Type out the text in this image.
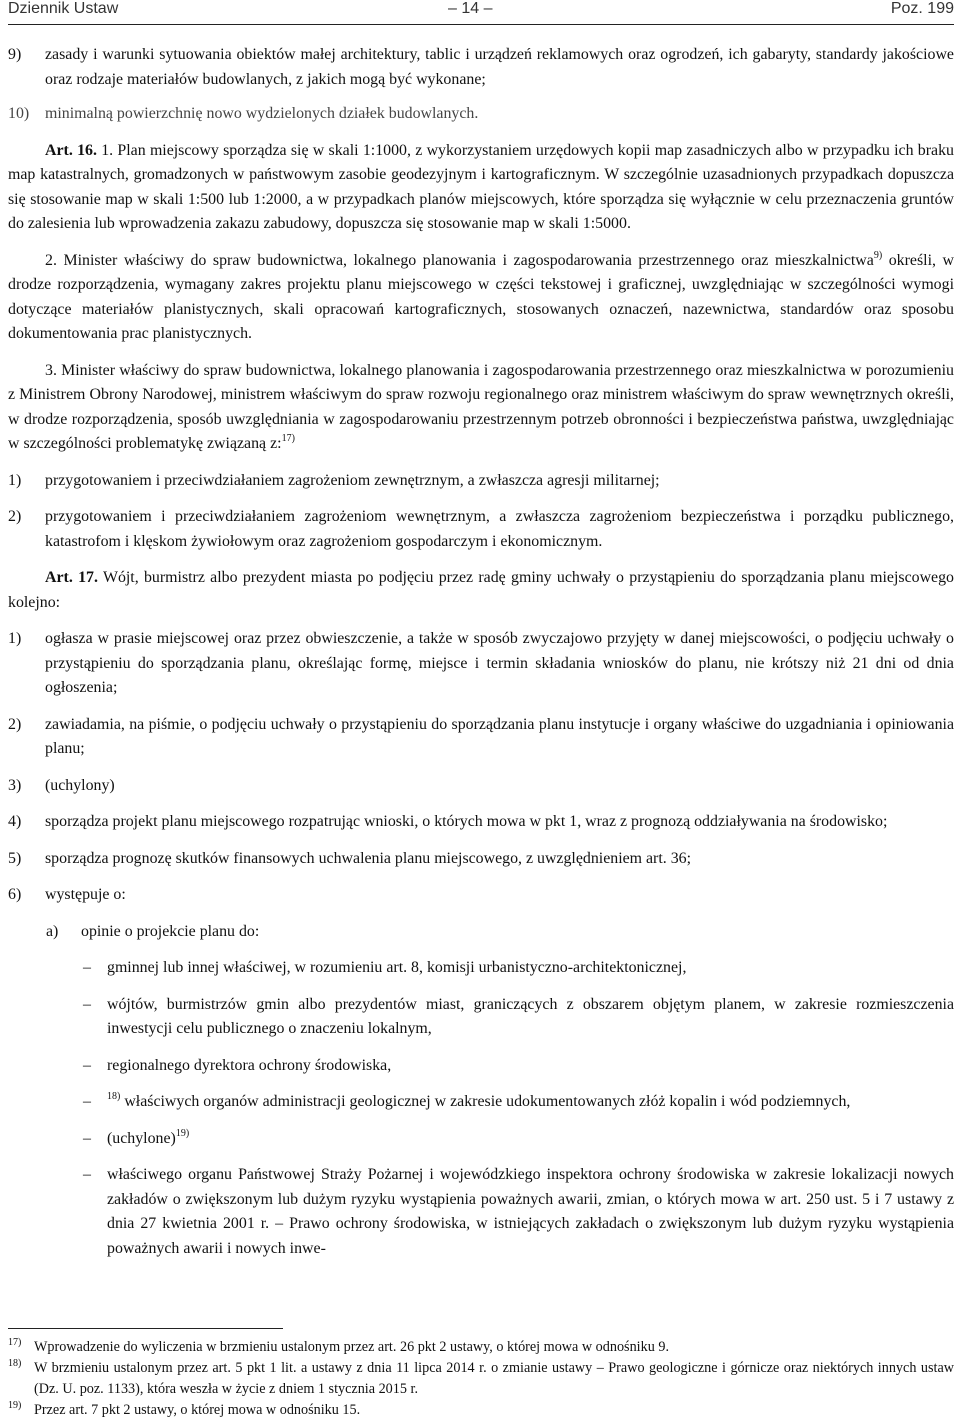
Dziennik Ustaw	– 14 –	Poz. 199

9) zasady i warunki sytuowania obiektów małej architektury, tablic i urządzeń reklamowych oraz ogrodzeń, ich gabaryty, standardy jakościowe oraz rodzaje materiałów budowlanych, z jakich mogą być wykonane;

10) minimalną powierzchnię nowo wydzielonych działek budowlanych.

Art. 16. 1. Plan miejscowy sporządza się w skali 1:1000, z wykorzystaniem urzędowych kopii map zasadniczych albo w przypadku ich braku map katastralnych, gromadzonych w państwowym zasobie geodezyjnym i kartograficznym. W szczególnie uzasadnionych przypadkach dopuszcza się stosowanie map w skali 1:500 lub 1:2000, a w przypadkach planów miejscowych, które sporządza się wyłącznie w celu przeznaczenia gruntów do zalesienia lub wprowadzenia zakazu zabudowy, dopuszcza się stosowanie map w skali 1:5000.

2. Minister właściwy do spraw budownictwa, lokalnego planowania i zagospodarowania przestrzennego oraz mieszkalnictwa$^{9)}$ określi, w drodze rozporządzenia, wymagany zakres projektu planu miejscowego w części tekstowej i graficznej, uwzględniając w szczególności wymogi dotyczące materiałów planistycznych, skali opracowań kartograficznych, stosowanych oznaczeń, nazewnictwa, standardów oraz sposobu dokumentowania prac planistycznych.

3. Minister właściwy do spraw budownictwa, lokalnego planowania i zagospodarowania przestrzennego oraz mieszkalnictwa w porozumieniu z Ministrem Obrony Narodowej, ministrem właściwym do spraw rozwoju regionalnego oraz ministrem właściwym do spraw wewnętrznych określi, w drodze rozporządzenia, sposób uwzględniania w zagospodarowaniu przestrzennym potrzeb obronności i bezpieczeństwa państwa, uwzględniając w szczególności problematykę związaną z:$^{17)}$

1) przygotowaniem i przeciwdziałaniem zagrożeniom zewnętrznym, a zwłaszcza agresji militarnej;

2) przygotowaniem i przeciwdziałaniem zagrożeniom wewnętrznym, a zwłaszcza zagrożeniom bezpieczeństwa i porządku publicznego, katastrofom i klęskom żywiołowym oraz zagrożeniom gospodarczym i ekonomicznym.

Art. 17. Wójt, burmistrz albo prezydent miasta po podjęciu przez radę gminy uchwały o przystąpieniu do sporządzania planu miejscowego kolejno:

1) ogłasza w prasie miejscowej oraz przez obwieszczenie, a także w sposób zwyczajowo przyjęty w danej miejscowości, o podjęciu uchwały o przystąpieniu do sporządzania planu, określając formę, miejsce i termin składania wniosków do planu, nie krótszy niż 21 dni od dnia ogłoszenia;

2) zawiadamia, na piśmie, o podjęciu uchwały o przystąpieniu do sporządzania planu instytucje i organy właściwe do uzgadniania i opiniowania planu;

3) (uchylony)

4) sporządza projekt planu miejscowego rozpatrując wnioski, o których mowa w pkt 1, wraz z prognozą oddziaływania na środowisko;

5) sporządza prognozę skutków finansowych uchwalenia planu miejscowego, z uwzględnieniem art. 36;

6) występuje o:

a) opinie o projekcie planu do:

– gminnej lub innej właściwej, w rozumieniu art. 8, komisji urbanistyczno-architektonicznej,

– wójtów, burmistrzów gmin albo prezydentów miast, graniczących z obszarem objętym planem, w zakresie rozmieszczenia inwestycji celu publicznego o znaczeniu lokalnym,

– regionalnego dyrektora ochrony środowiska,

– $^{18)}$ właściwych organów administracji geologicznej w zakresie udokumentowanych złóż kopalin i wód podziemnych,

– (uchylone)$^{19)}$

– właściwego organu Państwowej Straży Pożarnej i wojewódzkiego inspektora ochrony środowiska w zakresie lokalizacji nowych zakładów o zwiększonym lub dużym ryzyku wystąpienia poważnych awarii, zmian, o których mowa w art. 250 ust. 5 i 7 ustawy z dnia 27 kwietnia 2001 r. – Prawo ochrony środowiska, w istniejących zakładach o zwiększonym lub dużym ryzyku wystąpienia poważnych awarii i nowych inwe-

17) Wprowadzenie do wyliczenia w brzmieniu ustalonym przez art. 26 pkt 2 ustawy, o której mowa w odnośniku 9.

18) W brzmieniu ustalonym przez art. 5 pkt 1 lit. a ustawy z dnia 11 lipca 2014 r. o zmianie ustawy – Prawo geologiczne i górnicze oraz niektórych innych ustaw (Dz. U. poz. 1133), która weszła w życie z dniem 1 stycznia 2015 r.

19) Przez art. 7 pkt 2 ustawy, o której mowa w odnośniku 15.
